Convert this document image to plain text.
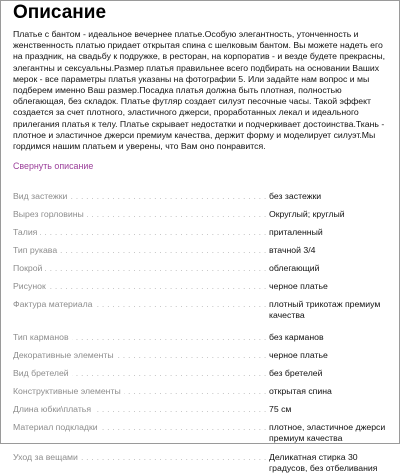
Описание
Платье с бантом - идеальное вечернее платье.Особую элегантность, утонченность и женственность платью придает открытая спина с шелковым бантом. Вы можете надеть его на праздник, на свадьбу к подружке, в ресторан, на корпоратив - и везде будете прекрасны, элегантны и сексуальны.Размер платья правильнее всего подбирать на основании Ваших мерок - все параметры платья указаны на фотографии 5. Или задайте нам вопрос и мы подберем именно Ваш размер.Посадка платья должна быть плотная, полностью облегающая, без складок. Платье футляр создает силуэт песочные часы. Такой эффект создается за счет плотного, эластичного джерси, проработанных лекал и идеального прилегания платья к телу. Платье скрывает недостатки и подчеркивает достоинства.Ткань - плотное и эластичное джерси премиум качества, держит форму и моделирует силуэт.Мы гордимся нашим платьем и уверены, что Вам оно понравится.
Свернуть описание
Вид застежки . . .	без застежки
Вырез горловины . . .	Округлый; круглый
Талия . . .	приталенный
Тип рукава . . .	втачной 3/4
Покрой . . .	облегающий
Рисунок . . .	черное платье
Фактура материала . . .	плотный трикотаж премиум качества
Тип карманов . . .	без карманов
Декоративные элементы . . .	черное платье
Вид бретелей . . .	без бретелей
Конструктивные элементы . . .	открытая спина
Длина юбки\платья . . .	75 см
Материал подкладки . . .	плотное, эластичное джерси премиум качества
Уход за вещами . . .	Деликатная стирка 30 градусов, без отбеливания
